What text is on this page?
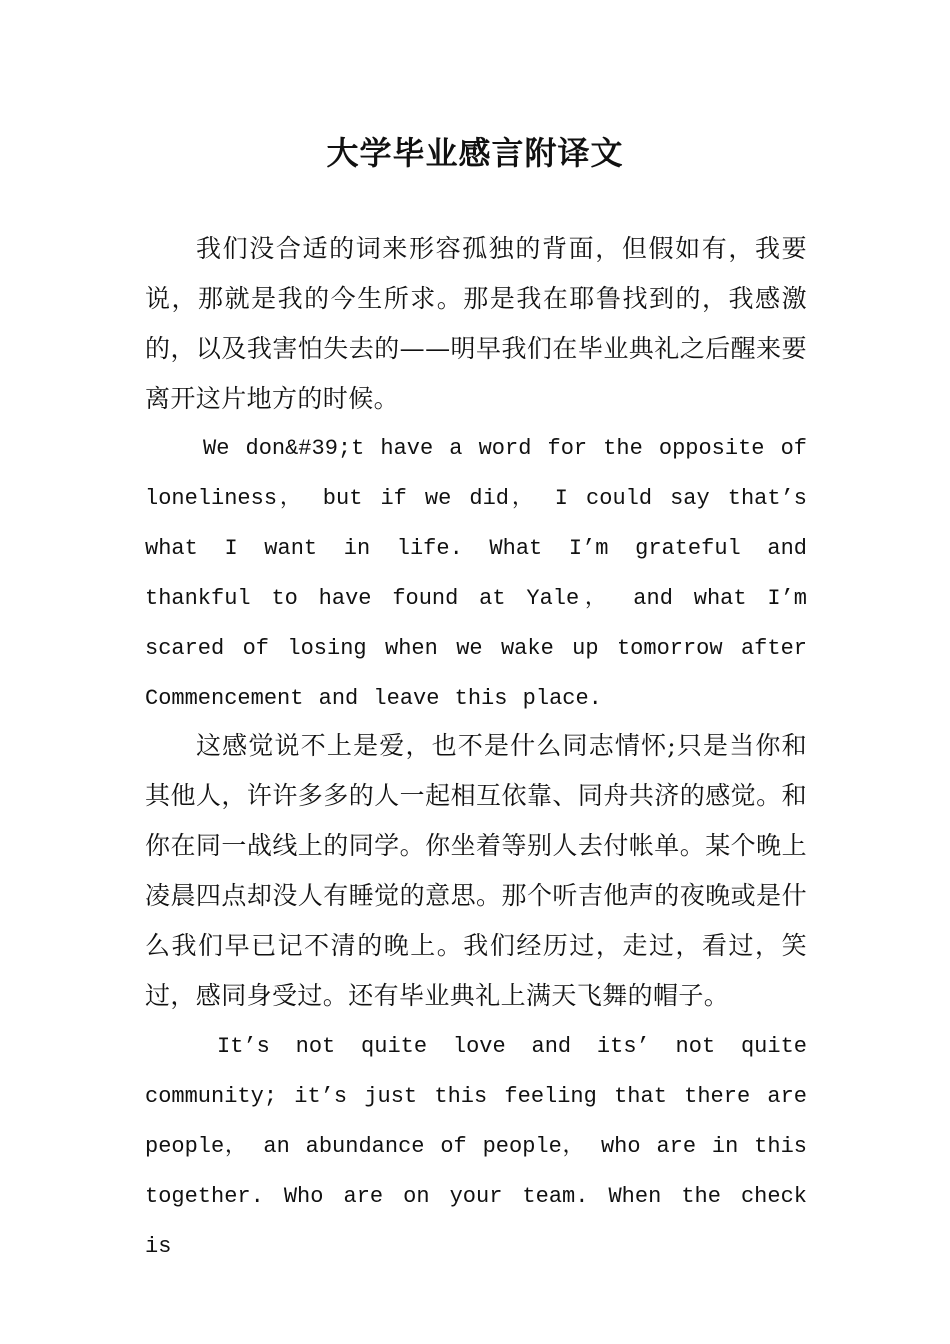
大学毕业感言附译文

我们没合适的词来形容孤独的背面，但假如有，我要说，那就是我的今生所求。那是我在耶鲁找到的，我感激的，以及我害怕失去的——明早我们在毕业典礼之后醒来要离开这片地方的时候。

We don&#39;t have a word for the opposite of loneliness， but if we did， I could say that’s what I want in life. What I’m grateful and thankful to have found at Yale， and what I’m scared of losing when we wake up tomorrow after Commencement and leave this place.

这感觉说不上是爱，也不是什么同志情怀;只是当你和其他人，许许多多的人一起相互依靠、同舟共济的感觉。和你在同一战线上的同学。你坐着等别人去付帐单。某个晚上凌晨四点却没人有睡觉的意思。那个听吉他声的夜晚或是什么我们早已记不清的晚上。我们经历过，走过，看过，笑过，感同身受过。还有毕业典礼上满天飞舞的帽子。

It’s not quite love and its’ not quite community; it’s just this feeling that there are people， an abundance of people， who are in this together. Who are on your team. When the check is
